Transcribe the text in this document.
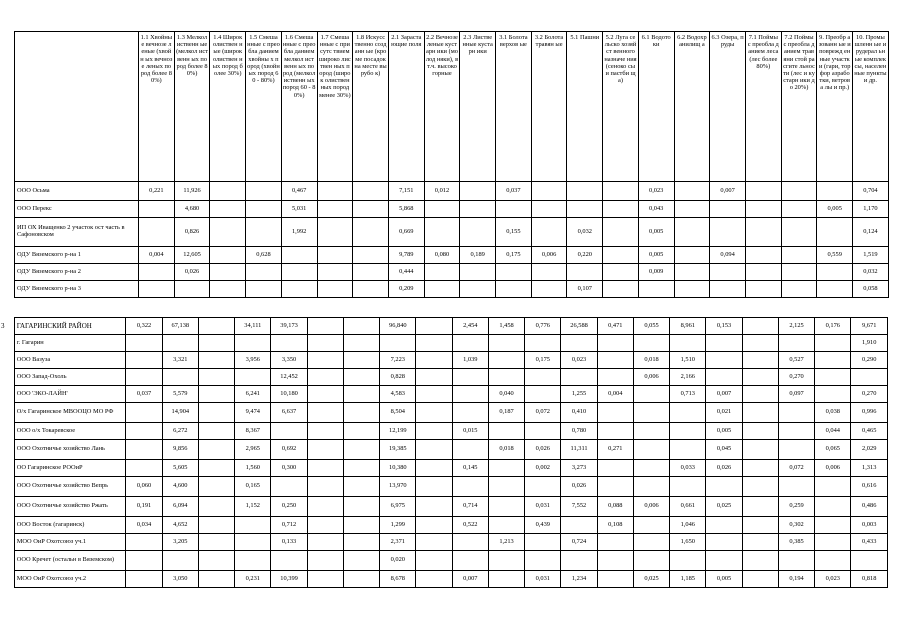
	1.1 Хвойны е вечнозе леные (хвойн ых вечнозе леных пород более 80%)	1.3 Мелкол иственн ые (мелкол иственн ых пород более 80%)	1.4 Широк олиствен ные (широк олиствен ных пород более 30%)	1.5 Смеша нные с преобла данием хвойны х пород (хвойн ых пород 60 - 80%)	1.6 Смеша нные с преобла данием мелкол иственн ых пород (мелкол иственн ых пород 60 - 80%)	1.7 Смеша нные с присутс твием широко листвен ных пород (широк олиствен ных пород менее 30%)	1.8 Искусс твенно созданн ые (кроме посадок на месте вырубо к)	2.1 Зарастa ющие поля	2.2 Вечнозе леные кустарн ики (молод няки), в т.ч. высоко горные	2.3 Листве нные кустарн ики	3.1 Болота верхов ые	3.2 Болота травян ые	5.1 Пашни	5.2 Луга сельско хозяйст венного назначе ния (сеноко сы и пастби ща)	6.1 Водото ки	6.2 Водохр анилищ а	6.3 Озера, пруды	7.1 Поймы с преобла данием леса (лес более 80%)	7.2 Поймы с преобла данием травяни стой расгите льности (лес и кустарн ики до 20%)	9. Преобр азованн ые и поврежд енные участки (гари, торфор азрабо тки, ветрова лы и пр.)	10. Промы шленн ые и рудерал ьные комплек сы, населен ные пункты и др.
ООО Осьма	0,221	11,926			0,467			7,151	0,012		0,037				0,023		0,007				0,704
ООО Перекс		4,680			5,031			5,868							0,043					0,005	1,170
ИП ОХ Иващенко 2 участок ост часть в Сафоновском		0,826			1,992			0,669			0,155		0,032		0,005						0,124
ОДУ Вяземского р-на 1	0,004	12,605		0,628				9,789	0,080	0,189	0,175	0,006	0,220		0,005		0,094			0,559	1,519
ОДУ Вяземского р-на 2		0,026						0,444							0,009						0,032
ОДУ Вяземского р-на 3								0,209					0,107								0,058
3	ГАГАРИНСКИЙ РАЙОН	0,322	67,138		34,111	39,173			96,840		2,454	1,458	0,776	26,588	0,471	0,055	8,961	0,153		2,125	0,176	9,671
	г. Гагарин																					1,910
	ООО Вазуза		3,321		3,956	3,350			7,223		1,039		0,175	0,023		0,018	1,510			0,527		0,290
	ООО Запад-Охоль					12,452			0,828							0,006	2,166			0,270		
	ООО 'ЭКО-ЛАЙН'	0,037	5,579		6,241	10,180			4,583			0,040		1,255	0,004		0,713	0,007		0,097		0,270
	О/х Гагаринское МВООЦО МО РФ		14,904		9,474	6,637			8,504			0,187	0,072	0,410				0,021			0,038	0,996
	ООО о/х Токаревское		6,272		8,367				12,199		0,015			0,780				0,005			0,044	0,465
	ООО Охотничье хозяйство Лань		9,856		2,965	0,692			19,385			0,018	0,026	11,311	0,271			0,045			0,065	2,029
	ОО Гагаринское РООиР		5,605		1,560	0,300			10,380		0,145		0,002	3,273			0,033	0,026		0,072	0,006	1,313
	ООО Охотничье хозяйство Вепрь	0,060	4,600		0,165				13,970					0,026								0,616
	ООО Охотничье хозяйство Ржать	0,191	6,094		1,152	0,250			6,975		0,714		0,031	7,552	0,088	0,006	0,661	0,025		0,259		0,486
	ООО Восток (гагаринск)	0,034	4,652			0,712			1,299		0,522		0,439		0,108		1,046			0,302		0,003
	МОО ОиР Охотсоюз уч.1		3,205			0,133			2,371			1,213		0,724			1,650			0,385		0,433
	ООО Кречет (остальн в Вяземском)								0,020													
	МОО ОиР Охотсоюз уч.2		3,050		0,231	10,399			8,678		0,007		0,031	1,234		0,025	1,185	0,005		0,194	0,023	0,818
